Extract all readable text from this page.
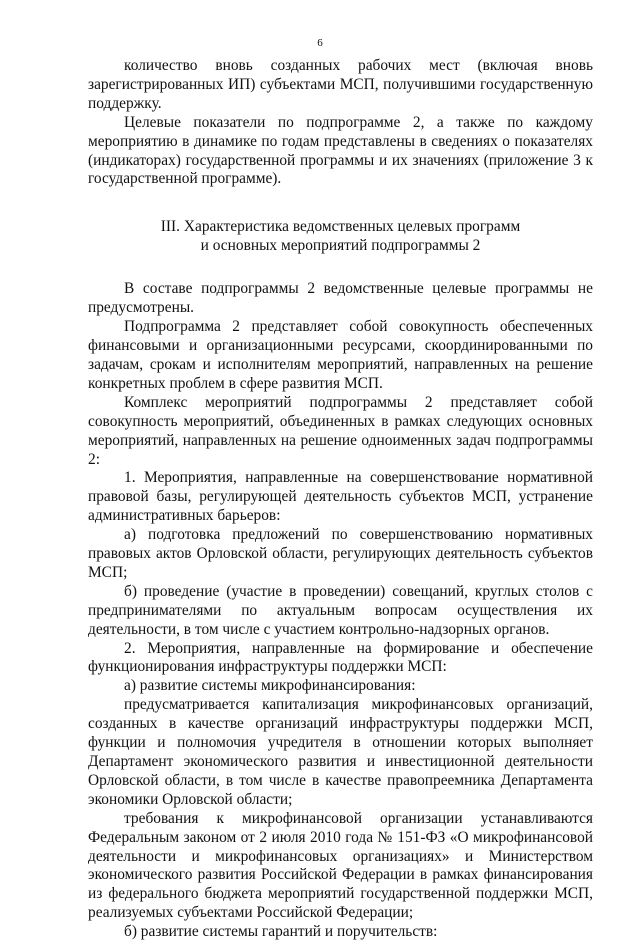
6

количество вновь созданных рабочих мест (включая вновь зарегистрированных ИП) субъектами МСП, получившими государственную поддержку.

Целевые показатели по подпрограмме 2, а также по каждому мероприятию в динамике по годам представлены в сведениях о показателях (индикаторах) государственной программы и их значениях (приложение 3 к государственной программе).

III. Характеристика ведомственных целевых программ
и основных мероприятий подпрограммы 2

В составе подпрограммы 2 ведомственные целевые программы не предусмотрены.

Подпрограмма 2 представляет собой совокупность обеспеченных финансовыми и организационными ресурсами, скоординированными по задачам, срокам и исполнителям мероприятий, направленных на решение конкретных проблем в сфере развития МСП.

Комплекс мероприятий подпрограммы 2 представляет собой совокупность мероприятий, объединенных в рамках следующих основных мероприятий, направленных на решение одноименных задач подпрограммы 2:

1. Мероприятия, направленные на совершенствование нормативной правовой базы, регулирующей деятельность субъектов МСП, устранение административных барьеров:

а) подготовка предложений по совершенствованию нормативных правовых актов Орловской области, регулирующих деятельность субъектов МСП;

б) проведение (участие в проведении) совещаний, круглых столов с предпринимателями по актуальным вопросам осуществления их деятельности, в том числе с участием контрольно-надзорных органов.

2. Мероприятия, направленные на формирование и обеспечение функционирования инфраструктуры поддержки МСП:

а) развитие системы микрофинансирования:

предусматривается капитализация микрофинансовых организаций, созданных в качестве организаций инфраструктуры поддержки МСП, функции и полномочия учредителя в отношении которых выполняет Департамент экономического развития и инвестиционной деятельности Орловской области, в том числе в качестве правопреемника Департамента экономики Орловской области;

требования к микрофинансовой организации устанавливаются Федеральным законом от 2 июля 2010 года № 151-ФЗ «О микрофинансовой деятельности и микрофинансовых организациях» и Министерством экономического развития Российской Федерации в рамках финансирования из федерального бюджета мероприятий государственной поддержки МСП, реализуемых субъектами Российской Федерации;

б) развитие системы гарантий и поручительств:
